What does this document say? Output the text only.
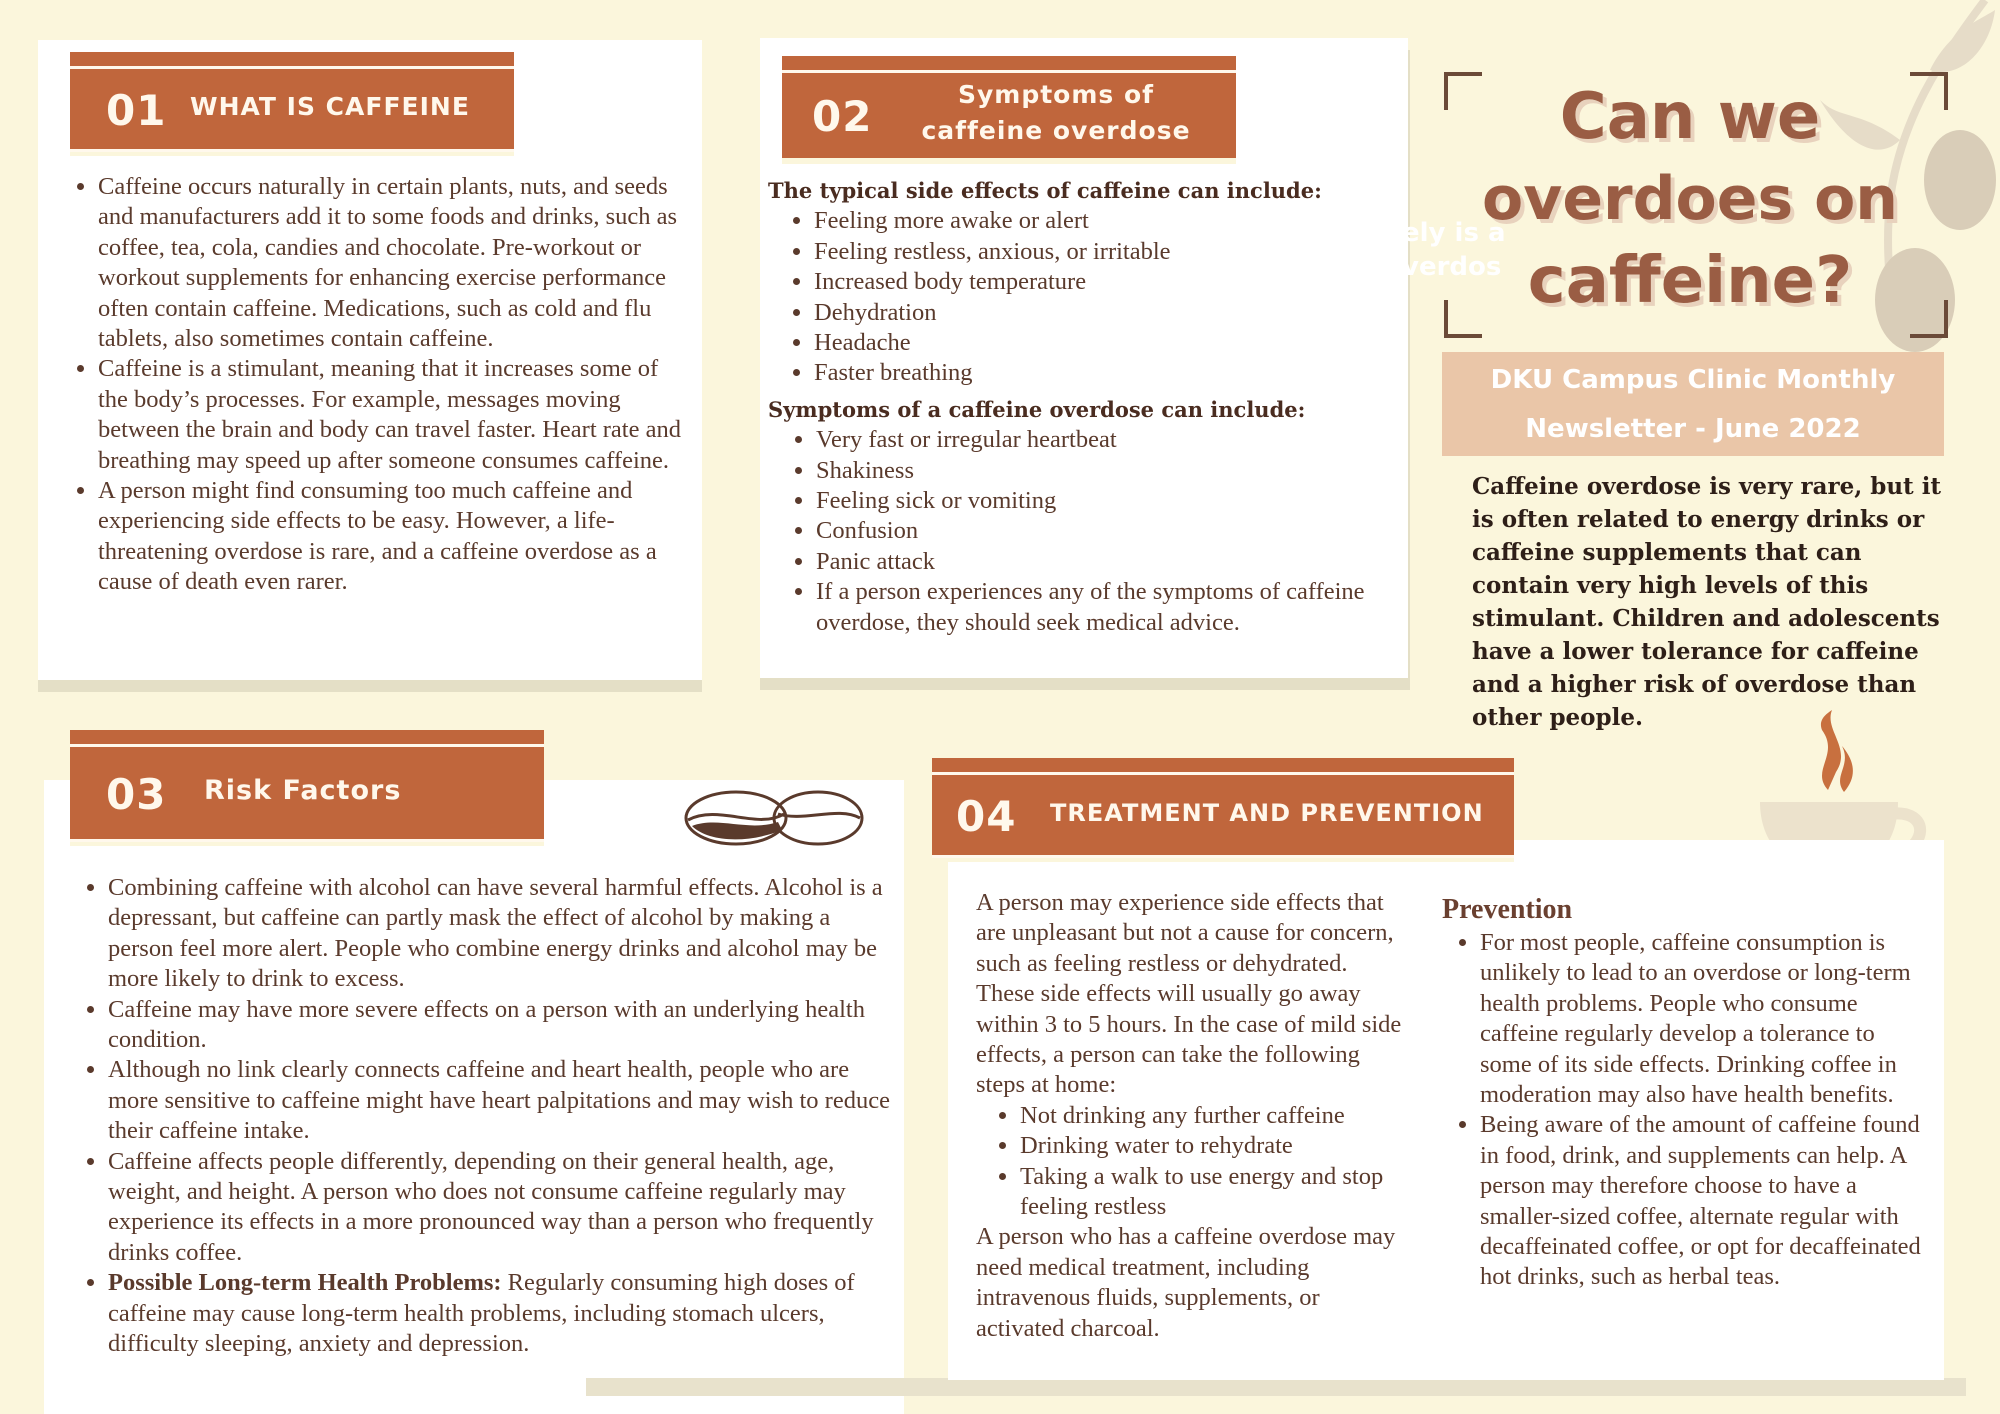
01 WHAT IS CAFFEINE
• Caffeine occurs naturally in certain plants, nuts, and seeds and manufacturers add it to some foods and drinks, such as coffee, tea, cola, candies and chocolate. Pre-workout or workout supplements for enhancing exercise performance often contain caffeine. Medications, such as cold and flu tablets, also sometimes contain caffeine.
• Caffeine is a stimulant, meaning that it increases some of the body’s processes. For example, messages moving between the brain and body can travel faster. Heart rate and breathing may speed up after someone consumes caffeine.
• A person might find consuming too much caffeine and experiencing side effects to be easy. However, a life-threatening overdose is rare, and a caffeine overdose as a cause of death even rarer.
02	Symptoms of
caffeine overdose
The typical side effects of caffeine can include:
• Feeling more awake or alert
• Feeling restless, anxious, or irritable
• Increased body temperature
• Dehydration
• Headache
• Faster breathing
Symptoms of a caffeine overdose can include:
• Very fast or irregular heartbeat
• Shakiness
• Feeling sick or vomiting
• Confusion
• Panic attack
• If a person experiences any of the symptoms of caffeine overdose, they should seek medical advice.
ely is a
verdos
Can we
overdoes on
caffeine?
DKU Campus Clinic Monthly
Newsletter - June 2022
Caffeine overdose is very rare, but it is often related to energy drinks or caffeine supplements that can contain very high levels of this stimulant. Children and adolescents have a lower tolerance for caffeine and a higher risk of overdose than other people.
03 Risk Factors
• Combining caffeine with alcohol can have several harmful effects. Alcohol is a depressant, but caffeine can partly mask the effect of alcohol by making a person feel more alert. People who combine energy drinks and alcohol may be more likely to drink to excess.
• Caffeine may have more severe effects on a person with an underlying health condition.
• Although no link clearly connects caffeine and heart health, people who are more sensitive to caffeine might have heart palpitations and may wish to reduce their caffeine intake.
• Caffeine affects people differently, depending on their general health, age, weight, and height. A person who does not consume caffeine regularly may experience its effects in a more pronounced way than a person who frequently drinks coffee.
• Possible Long-term Health Problems: Regularly consuming high doses of caffeine may cause long-term health problems, including stomach ulcers, difficulty sleeping, anxiety and depression.
04 TREATMENT AND PREVENTION
A person may experience side effects that are unpleasant but not a cause for concern, such as feeling restless or dehydrated. These side effects will usually go away within 3 to 5 hours. In the case of mild side effects, a person can take the following steps at home:
• Not drinking any further caffeine
• Drinking water to rehydrate
• Taking a walk to use energy and stop feeling restless
A person who has a caffeine overdose may need medical treatment, including intravenous fluids, supplements, or activated charcoal.
Prevention
• For most people, caffeine consumption is unlikely to lead to an overdose or long-term health problems. People who consume caffeine regularly develop a tolerance to some of its side effects. Drinking coffee in moderation may also have health benefits.
• Being aware of the amount of caffeine found in food, drink, and supplements can help. A person may therefore choose to have a smaller-sized coffee, alternate regular with decaffeinated coffee, or opt for decaffeinated hot drinks, such as herbal teas.
